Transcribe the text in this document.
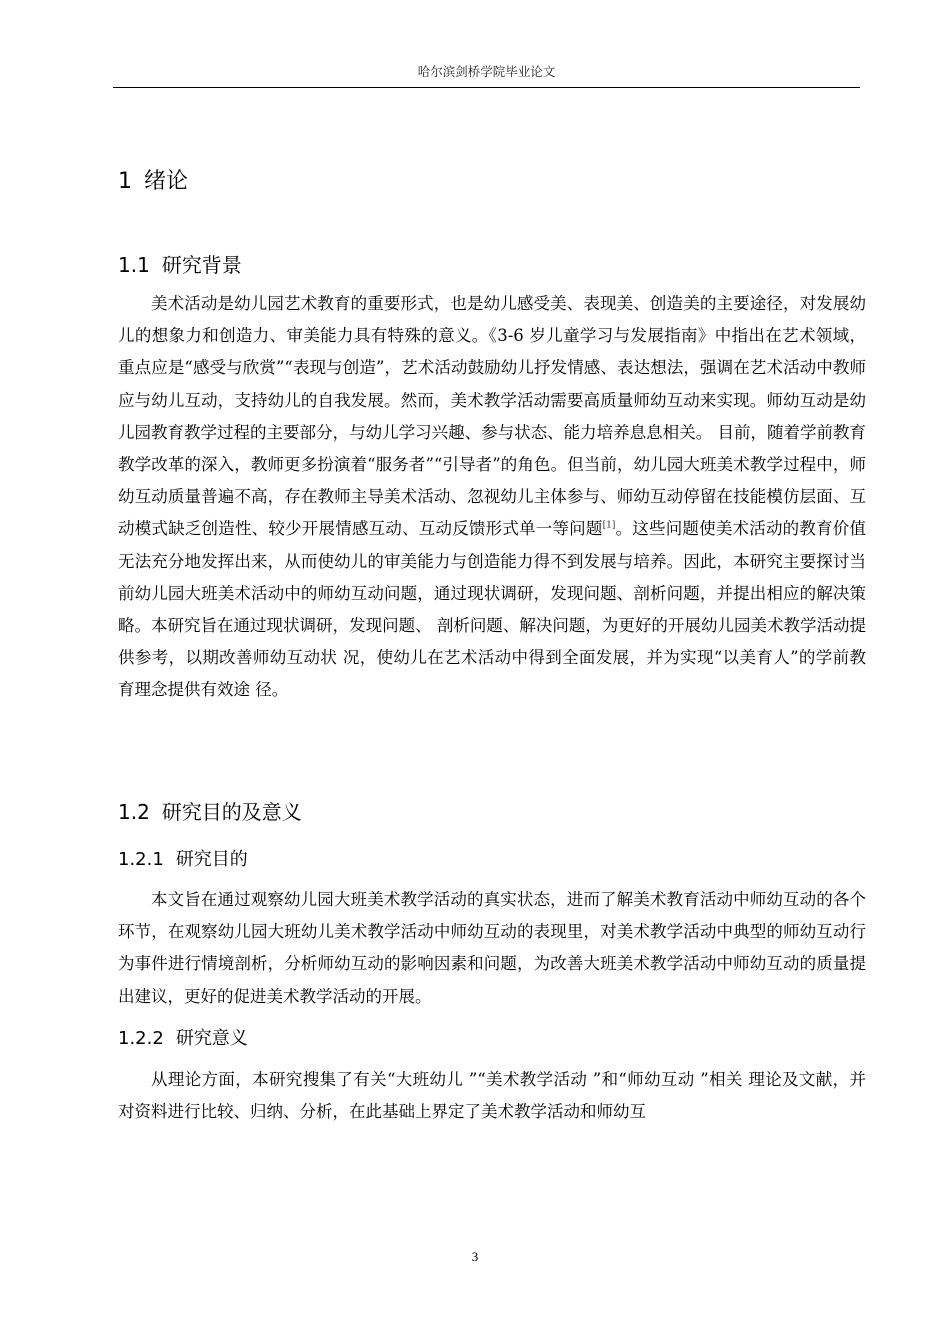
哈尔滨剑桥学院毕业论文
1 绪论
1.1 研究背景

美术活动是幼儿园艺术教育的重要形式，也是幼儿感受美、表现美、创造美的主要途径，对发展幼儿的想象力和创造力、审美能力具有特殊的意义。《3-6 岁儿童学习与发展指南》中指出在艺术领域，重点应是“感受与欣赏”“表现与创造”，艺术活动鼓励幼儿抒发情感、表达想法，强调在艺术活动中教师应与幼儿互动，支持幼儿的自我发展。然而，美术教学活动需要高质量师幼互动来实现。师幼互动是幼儿园教育教学过程的主要部分，与幼儿学习兴趣、参与状态、能力培养息息相关。 目前，随着学前教育教学改革的深入，教师更多扮演着“服务者”“引导者”的角色。但当前，幼儿园大班美术教学过程中，师幼互动质量普遍不高，存在教师主导美术活动、忽视幼儿主体参与、师幼互动停留在技能模仿层面、互动模式缺乏创造性、较少开展情感互动、互动反馈形式单一等问题[1]。这些问题使美术活动的教育价值无法充分地发挥出来，从而使幼儿的审美能力与创造能力得不到发展与培养。因此，本研究主要探讨当前幼儿园大班美术活动中的师幼互动问题，通过现状调研，发现问题、剖析问题，并提出相应的解决策略。本研究旨在通过现状调研，发现问题、 剖析问题、解决问题，为更好的开展幼儿园美术教学活动提供参考，以期改善师幼互动状 况，使幼儿在艺术活动中得到全面发展，并为实现“以美育人”的学前教育理念提供有效途 径。

1.2 研究目的及意义
1.2.1 研究目的

本文旨在通过观察幼儿园大班美术教学活动的真实状态，进而了解美术教育活动中师幼互动的各个环节，在观察幼儿园大班幼儿美术教学活动中师幼互动的表现里，对美术教学活动中典型的师幼互动行为事件进行情境剖析，分析师幼互动的影响因素和问题，为改善大班美术教学活动中师幼互动的质量提出建议，更好的促进美术教学活动的开展。

1.2.2 研究意义

从理论方面，本研究搜集了有关“大班幼儿 ”“美术教学活动 ”和“师幼互动 ”相关 理论及文献，并对资料进行比较、归纳、分析，在此基础上界定了美术教学活动和师幼互

3
